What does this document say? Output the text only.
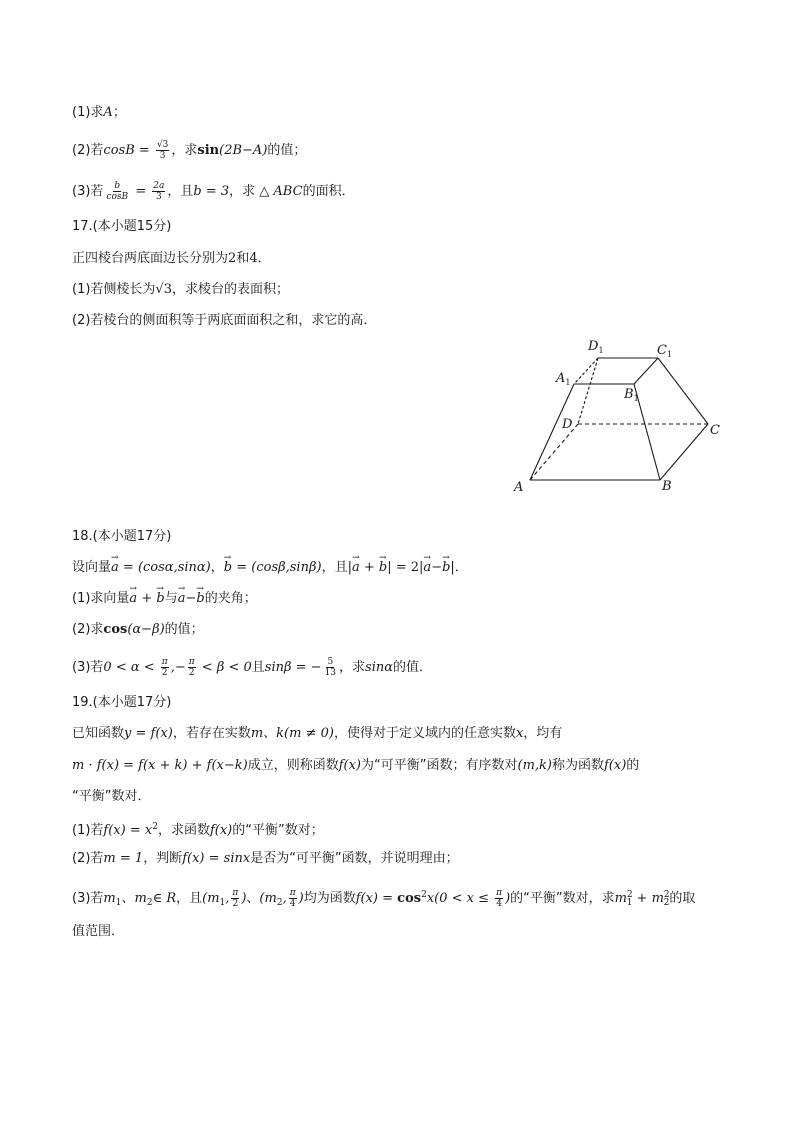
(1)求A；
(2)若$\cos B = \frac{√3}{3}$ ，求sin(2B−A)的值；
(3)若 $\frac{b}{\cos B} = \frac{2a}{3}$ ，且b = 3，求 △ ABC的面积．
17.(本小题15分)
正四棱台两底面边长分别为2和4．
(1)若侧棱长为√3，求棱台的表面积；
(2)若棱台的侧面积等于两底面面积之和，求它的高．
$D_1$	$C_1$
$A_1$
$B_1$
D	C
A	B
18.(本小题17分)
设向量→ a = (cosα,sinα)，→ b = (cosβ,sinβ)，且|→ a + → b| = 2|→ a−→ b|．
(1)求向量→ a + → b与→ a−→ b的夹角；
(2)求cos(α−β)的值；
(3)若$0 < \alpha < \frac{\pi}{2}$ ,− $\frac{\pi}{2} < \beta < 0$且sinβ = − $\frac{5}{13}$ ，求sinα的值．
19.(本小题17分)
已知函数y = f(x)，若存在实数m、k(m ≠ 0)，使得对于定义域内的任意实数x，均有
m · f(x) = f(x + k) + f(x−k)成立，则称函数f(x)为“可平衡”函数；有序数对(m,k)称为函数f(x)的
“平衡”数对．
(1)若$f(x) = x^2$，求函数f(x)的“平衡”数对；
(2)若m = 1，判断f(x) = sinx是否为“可平衡”函数，并说明理由；
(3)若$m_1$、$m_2\in$ R，且($m_1$, $\frac{\pi}{2}$ )、($m_2$, $\frac{\pi}{4}$ )均为函数$f(x) = \cos^2x(0 < x \le \frac{\pi}{4}$ )的“平衡”数对，求$m^2_1 + m^2_2$的取
值范围．
